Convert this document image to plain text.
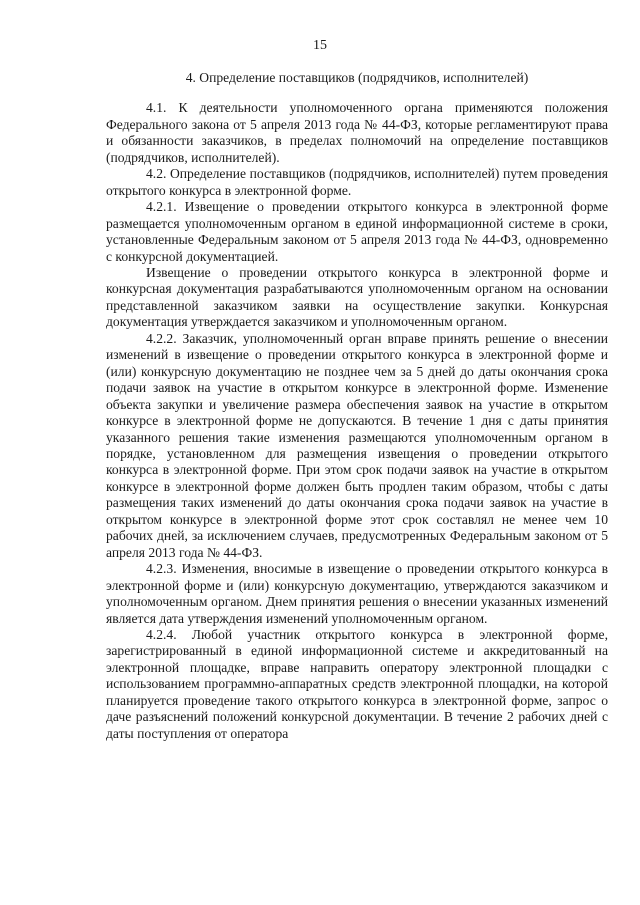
15
4. Определение поставщиков (подрядчиков, исполнителей)

4.1. К деятельности уполномоченного органа применяются положения Федерального закона от 5 апреля 2013 года № 44-ФЗ, которые регламентируют права и обязанности заказчиков, в пределах полномочий на определение поставщиков (подрядчиков, исполнителей).

4.2. Определение поставщиков (подрядчиков, исполнителей) путем проведения открытого конкурса в электронной форме.

4.2.1. Извещение о проведении открытого конкурса в электронной форме размещается уполномоченным органом в единой информационной системе в сроки, установленные Федеральным законом от 5 апреля 2013 года № 44-ФЗ, одновременно с конкурсной документацией.

Извещение о проведении открытого конкурса в электронной форме и конкурсная документация разрабатываются уполномоченным органом на основании представленной заказчиком заявки на осуществление закупки. Конкурсная документация утверждается заказчиком и уполномоченным органом.

4.2.2. Заказчик, уполномоченный орган вправе принять решение о внесении изменений в извещение о проведении открытого конкурса в электронной форме и (или) конкурсную документацию не позднее чем за 5 дней до даты окончания срока подачи заявок на участие в открытом конкурсе в электронной форме. Изменение объекта закупки и увеличение размера обеспечения заявок на участие в открытом конкурсе в электронной форме не допускаются. В течение 1 дня с даты принятия указанного решения такие изменения размещаются уполномоченным органом в порядке, установленном для размещения извещения о проведении открытого конкурса в электронной форме. При этом срок подачи заявок на участие в открытом конкурсе в электронной форме должен быть продлен таким образом, чтобы с даты размещения таких изменений до даты окончания срока подачи заявок на участие в открытом конкурсе в электронной форме этот срок составлял не менее чем 10 рабочих дней, за исключением случаев, предусмотренных Федеральным законом от 5 апреля 2013 года № 44-ФЗ.

4.2.3. Изменения, вносимые в извещение о проведении открытого конкурса в электронной форме и (или) конкурсную документацию, утверждаются заказчиком и уполномоченным органом. Днем принятия решения о внесении указанных изменений является дата утверждения изменений уполномоченным органом.

4.2.4. Любой участник открытого конкурса в электронной форме, зарегистрированный в единой информационной системе и аккредитованный на электронной площадке, вправе направить оператору электронной площадки с использованием программно-аппаратных средств электронной площадки, на которой планируется проведение такого открытого конкурса в электронной форме, запрос о даче разъяснений положений конкурсной документации. В течение 2 рабочих дней с даты поступления от оператора
